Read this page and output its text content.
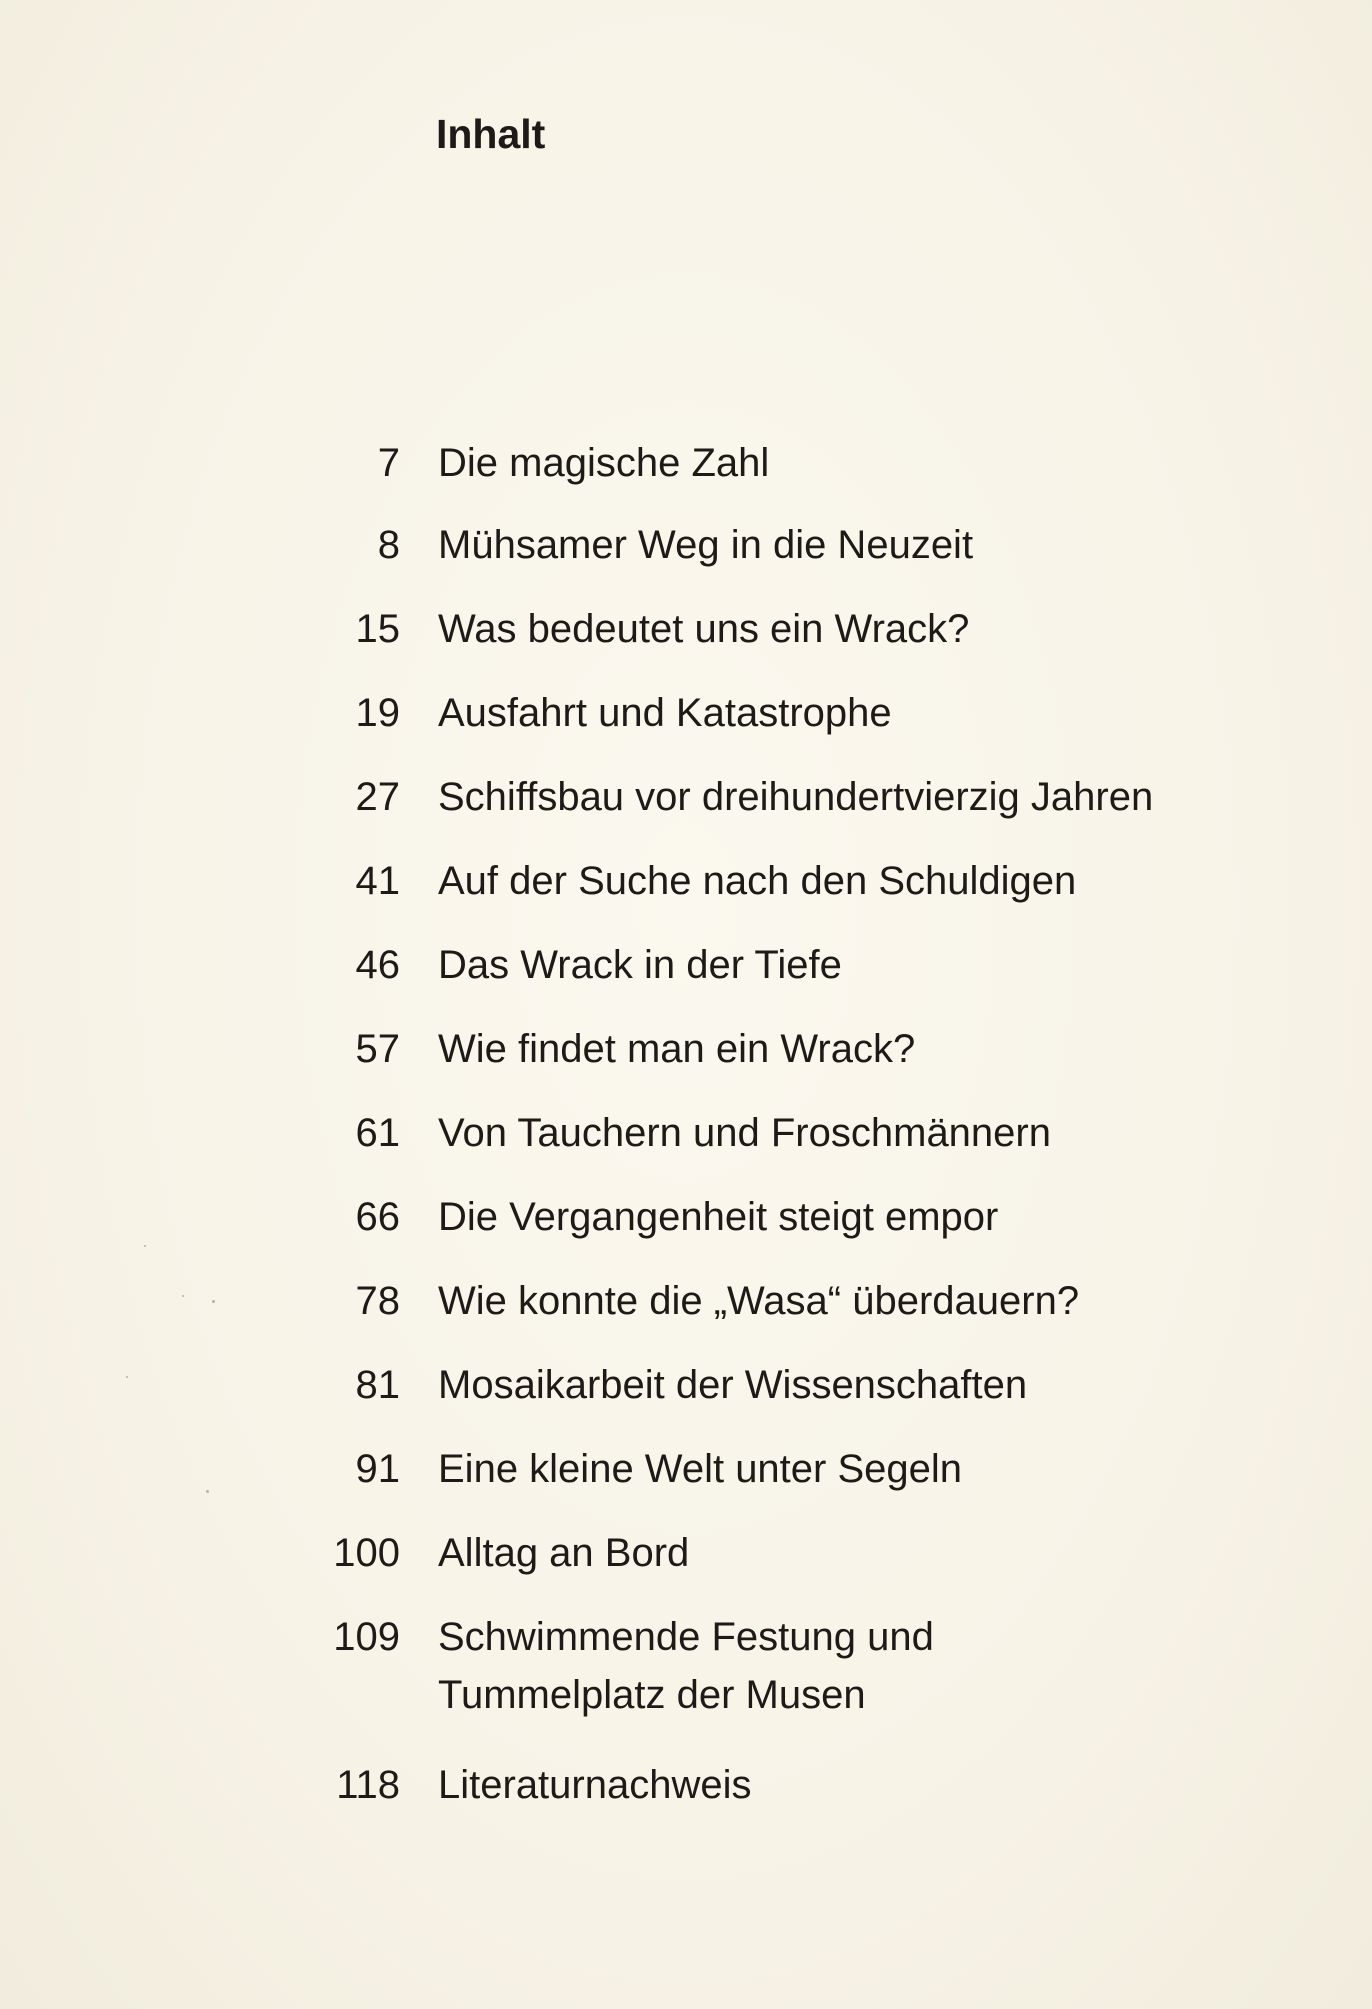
Inhalt
7 Die magische Zahl
8 Mühsamer Weg in die Neuzeit
15 Was bedeutet uns ein Wrack?
19 Ausfahrt und Katastrophe
27 Schiffsbau vor dreihundertvierzig Jahren
41 Auf der Suche nach den Schuldigen
46 Das Wrack in der Tiefe
57 Wie findet man ein Wrack?
61 Von Tauchern und Froschmännern
66 Die Vergangenheit steigt empor
78 Wie konnte die „Wasa“ überdauern?
81 Mosaikarbeit der Wissenschaften
91 Eine kleine Welt unter Segeln
100 Alltag an Bord
109 Schwimmende Festung und
Tummelplatz der Musen
118 Literaturnachweis
